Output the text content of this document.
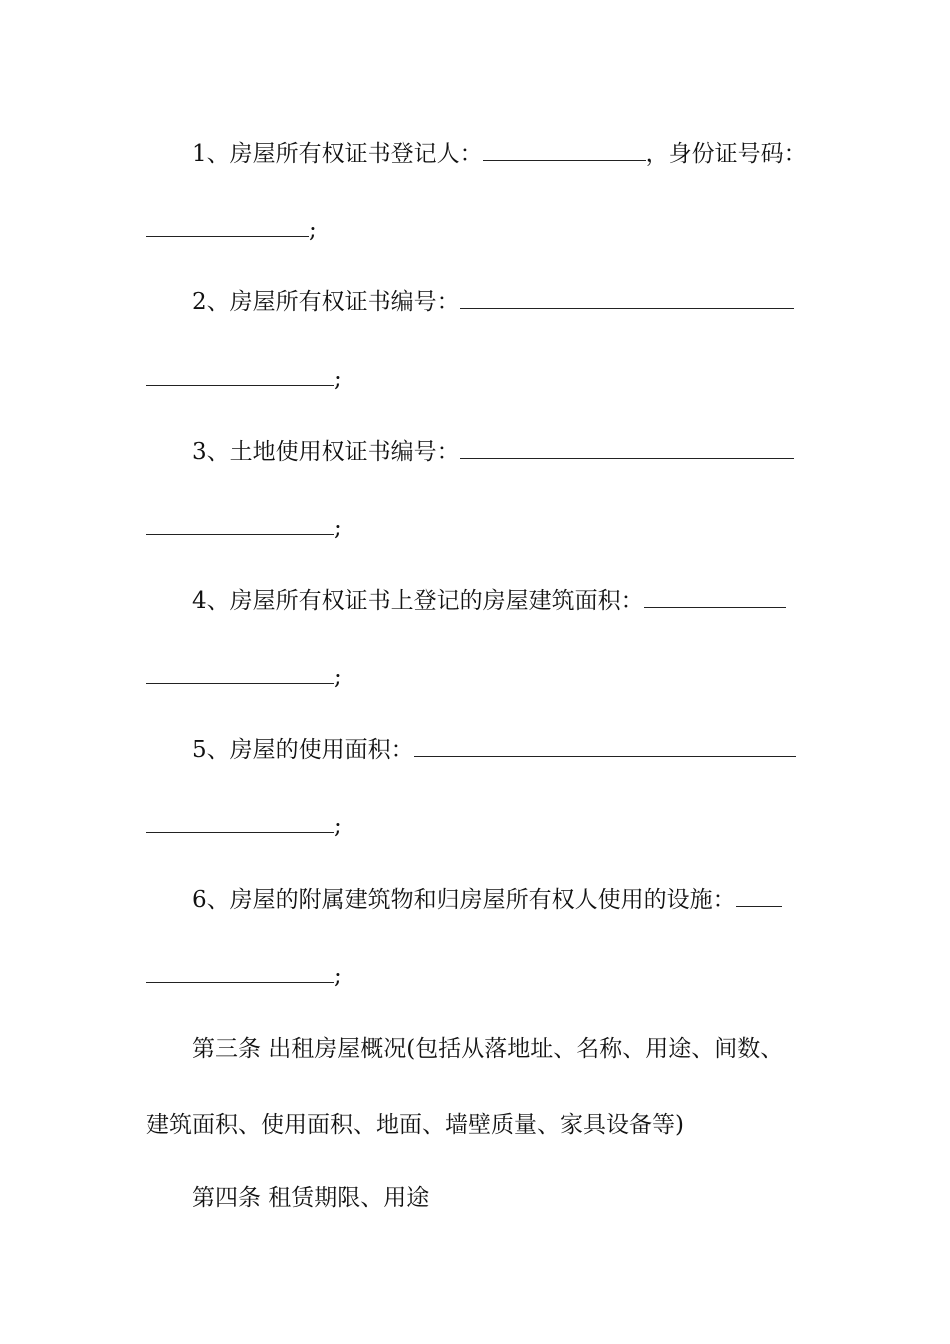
1、房屋所有权证书登记人：	，身份证号码：
;
2、房屋所有权证书编号：
;
3、土地使用权证书编号：
;
4、房屋所有权证书上登记的房屋建筑面积：
;
5、房屋的使用面积：
;
6、房屋的附属建筑物和归房屋所有权人使用的设施：
;
第三条 出租房屋概况(包括从落地址、名称、用途、间数、
建筑面积、使用面积、地面、墙壁质量、家具设备等)
第四条 租赁期限、用途
